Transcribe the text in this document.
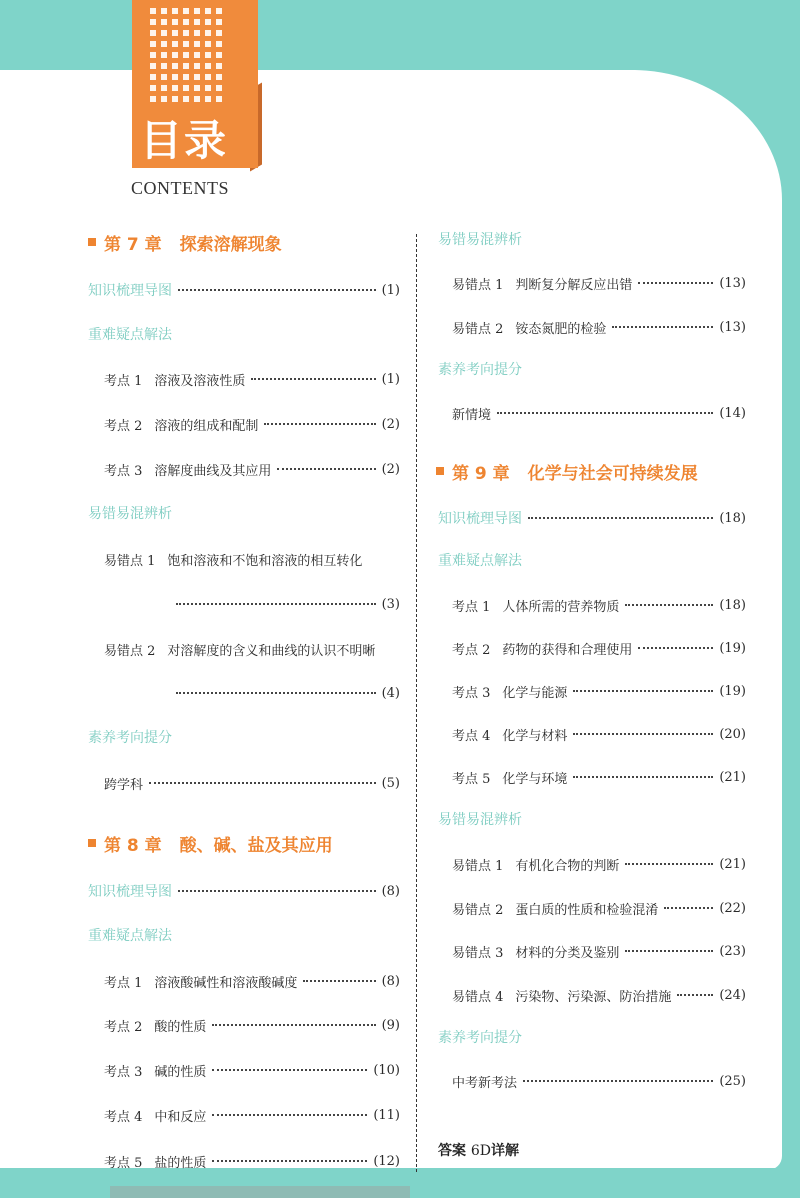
目录
CONTENTS
第 7 章 探索溶解现象
知识梳理导图	(1)
重难疑点解法
考点 1 溶液及溶液性质	(1)
考点 2 溶液的组成和配制	(2)
考点 3 溶解度曲线及其应用	(2)
易错易混辨析
易错点 1 饱和溶液和不饱和溶液的相互转化
(3)
易错点 2 对溶解度的含义和曲线的认识不明晰
(4)
素养考向提分
跨学科	(5)
第 8 章 酸、碱、盐及其应用
知识梳理导图	(8)
重难疑点解法
考点 1 溶液酸碱性和溶液酸碱度	(8)
考点 2 酸的性质	(9)
考点 3 碱的性质	(10)
考点 4 中和反应	(11)
考点 5 盐的性质	(12)
易错易混辨析
易错点 1 判断复分解反应出错	(13)
易错点 2 铵态氮肥的检验	(13)
素养考向提分
新情境	(14)
第 9 章 化学与社会可持续发展
知识梳理导图	(18)
重难疑点解法
考点 1 人体所需的营养物质	(18)
考点 2 药物的获得和合理使用	(19)
考点 3 化学与能源	(19)
考点 4 化学与材料	(20)
考点 5 化学与环境	(21)
易错易混辨析
易错点 1 有机化合物的判断	(21)
易错点 2 蛋白质的性质和检验混淆	(22)
易错点 3 材料的分类及鉴别	(23)
易错点 4 污染物、污染源、防治措施	(24)
素养考向提分
中考新考法	(25)
答案 6D详解
